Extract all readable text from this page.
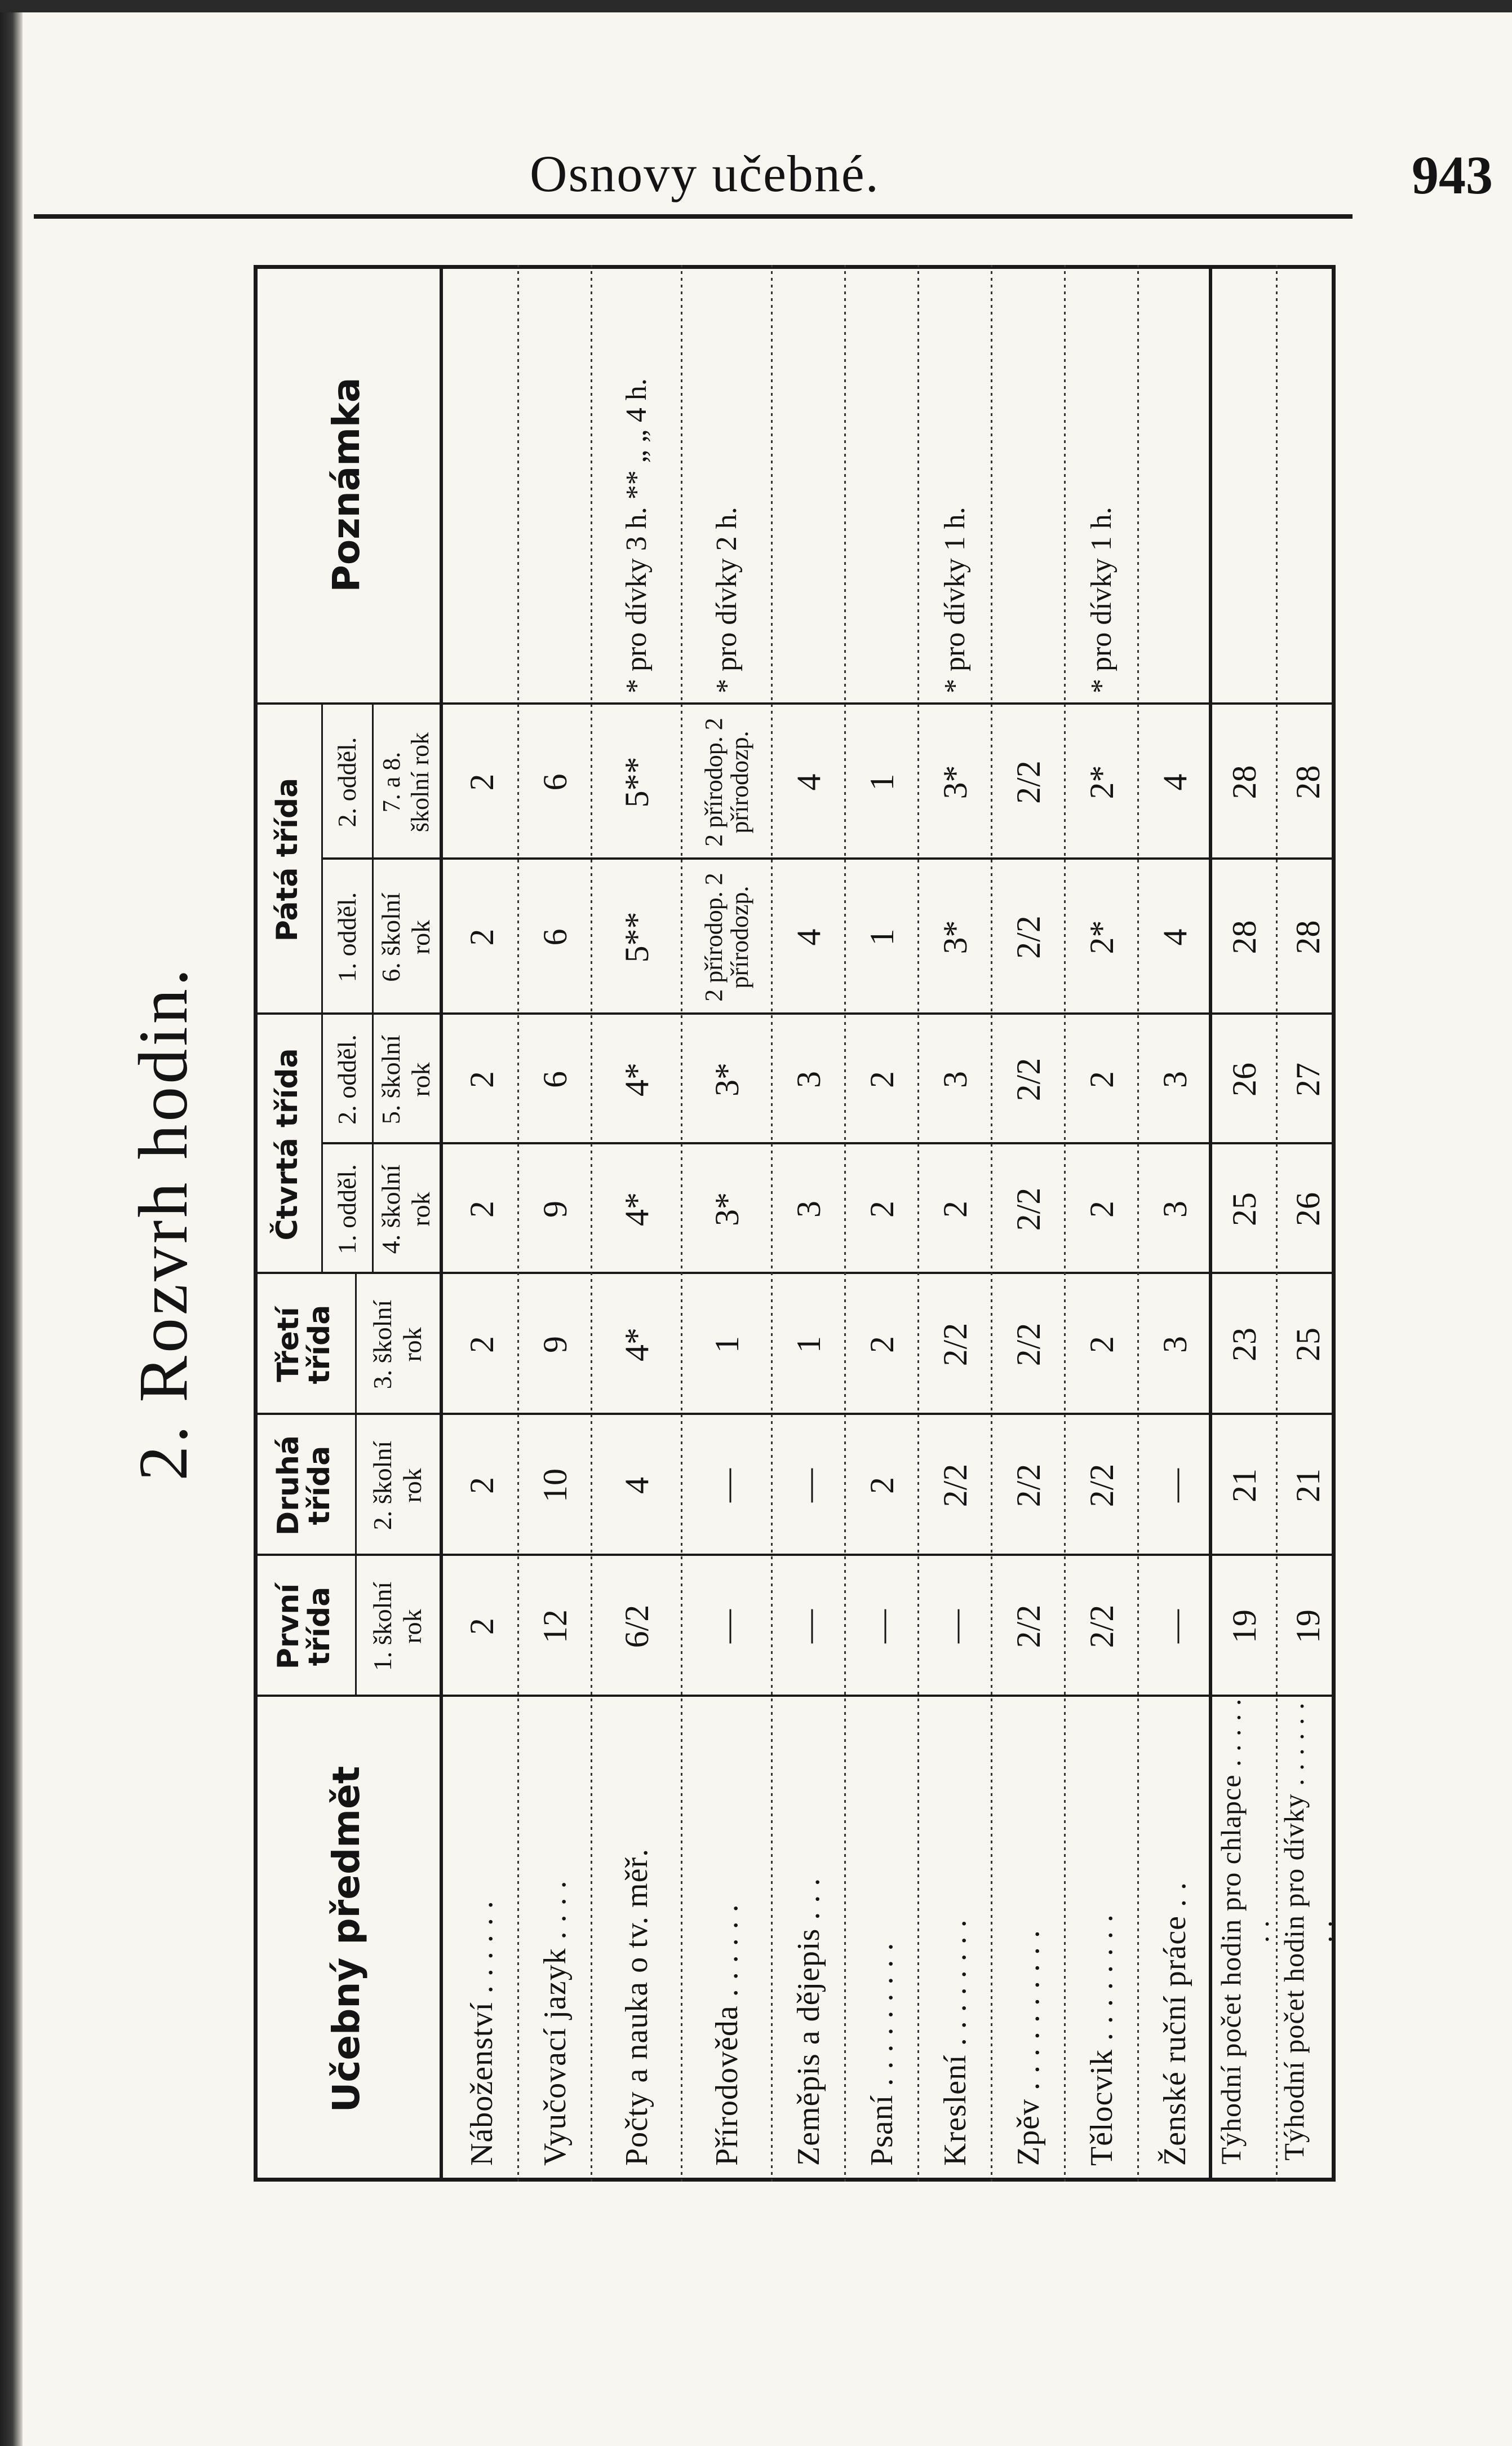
Osnovy učebné.	943
2. Rozvrh hodin.
Učebný předmět
Poznámka
První třída
Druhá třída
Třetí třída
Čtvrtá třída
Pátá třída
1. odděl.
2. odděl.
1. odděl.
2. odděl.
1. školní rok
2. školní rok
3. školní rok
4. školní rok
5. školní rok
6. školní rok
7. a 8. školní rok
Náboženství . . . . . .
2
2
2
2
2
2
2
Vyučovací jazyk . . . .
12
10
9
9
6
6
6
Počty a nauka o tv. měř.
6/2
4
4*
4*
4*
5**
5**
* pro dívky 3 h. ** „ „ 4 h.
Přírodověda . . . . . .
—
—
1
3*
3*
2 přírodop. 2 přírodozp.
2 přírodop. 2 přírodozp.
* pro dívky 2 h.
Zeměpis a dějepis . . .
—
—
1
3
3
4
4
Psaní . . . . . . . . .
—
2
2
2
2
1
1
Kreslení . . . . . . . .
—
2/2
2/2
2
3
3*
3*
* pro dívky 1 h.
Zpěv . . . . . . . . . .
2/2
2/2
2/2
2/2
2/2
2/2
2/2
Tělocvik . . . . . . . .
2/2
2/2
2
2
2
2*
2*
* pro dívky 1 h.
Ženské ruční práce . .
—
—
3
3
3
4
4
Týhodní počet hodin pro chlapce . . . . . . .
19
21
23
25
26
28
28
Týhodní počet hodin pro dívky . . . . . . . .
19
21
25
26
27
28
28
